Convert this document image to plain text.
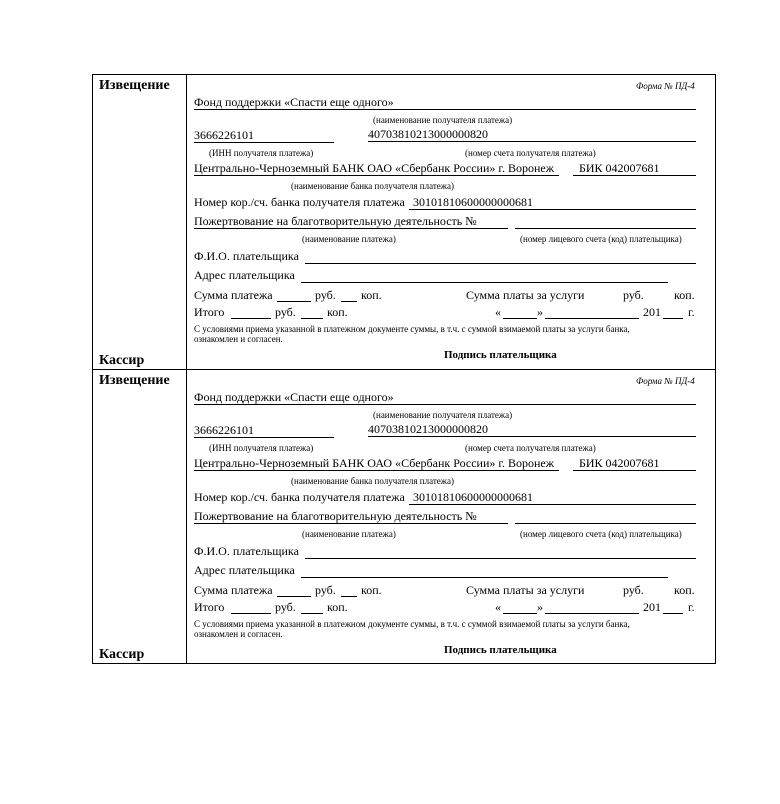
Извещение
Кассир
Форма № ПД-4
Фонд поддержки «Спасти еще одного»
(наименование получателя платежа)
3666226101	40703810213000000820
(ИНН получателя платежа)	(номер счета получателя платежа)
Центрально-Черноземный БАНК ОАО «Сбербанк России» г. Воронеж БИК 042007681
(наименование банка получателя платежа)
Номер кор./сч. банка получателя платежа 30101810600000000681
Пожертвование на благотворительную деятельность №
(наименование платежа)	(номер лицевого счета (код) плательщика)
Ф.И.О. плательщика
Адрес плательщика
Сумма платежа	руб. коп.	Сумма платы за услуги	руб.	коп.
Итого	руб.	коп.	«	»	201 г.
С условиями приема указанной в платежном документе суммы, в т.ч. с суммой взимаемой платы за услуги банка,
ознакомлен и согласен.
Подпись плательщика
Извещение
Кассир
Форма № ПД-4
Фонд поддержки «Спасти еще одного»
(наименование получателя платежа)
3666226101	40703810213000000820
(ИНН получателя платежа)	(номер счета получателя платежа)
Центрально-Черноземный БАНК ОАО «Сбербанк России» г. Воронеж БИК 042007681
(наименование банка получателя платежа)
Номер кор./сч. банка получателя платежа 30101810600000000681
Пожертвование на благотворительную деятельность №
(наименование платежа)	(номер лицевого счета (код) плательщика)
Ф.И.О. плательщика
Адрес плательщика
Сумма платежа	руб. коп.	Сумма платы за услуги	руб.	коп.
Итого	руб.	коп.	«	»	201 г.
С условиями приема указанной в платежном документе суммы, в т.ч. с суммой взимаемой платы за услуги банка,
ознакомлен и согласен.
Подпись плательщика
